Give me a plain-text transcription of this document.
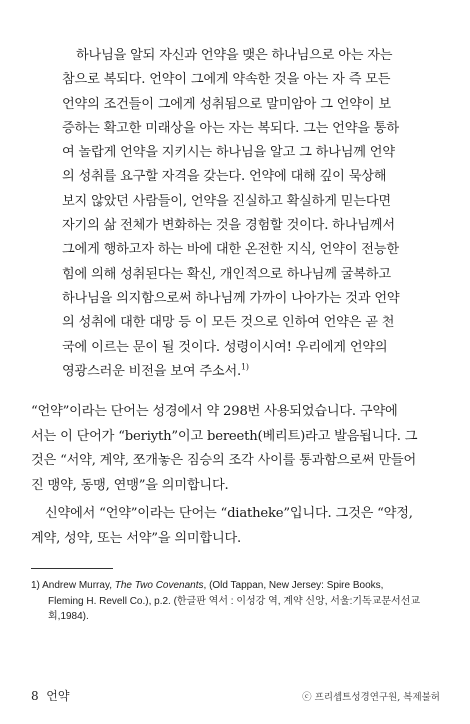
하나님을 알되 자신과 언약을 맺은 하나님으로 아는 자는
참으로 복되다. 언약이 그에게 약속한 것을 아는 자 즉 모든
언약의 조건들이 그에게 성취됨으로 말미암아 그 언약이 보
증하는 확고한 미래상을 아는 자는 복되다. 그는 언약을 통하
여 놀랍게 언약을 지키시는 하나님을 알고 그 하나님께 언약
의 성취를 요구할 자격을 갖는다. 언약에 대해 깊이 묵상해
보지 않았던 사람들이, 언약을 진실하고 확실하게 믿는다면
자기의 삶 전체가 변화하는 것을 경험할 것이다. 하나님께서
그에게 행하고자 하는 바에 대한 온전한 지식, 언약이 전능한
힘에 의해 성취된다는 확신, 개인적으로 하나님께 굴복하고
하나님을 의지함으로써 하나님께 가까이 나아가는 것과 언약
의 성취에 대한 대망 등 이 모든 것으로 인하여 언약은 곧 천
국에 이르는 문이 될 것이다. 성령이시여! 우리에게 언약의
영광스러운 비전을 보여 주소서.$^{1)}$
“언약”이라는 단어는 성경에서 약 298번 사용되었습니다. 구약에
서는 이 단어가 “beriyth”이고 bereeth(베리트)라고 발음됩니다. 그
것은 “서약, 계약, 쪼개놓은 짐승의 조각 사이를 통과함으로써 만들어
진 맹약, 동맹, 연맹”을 의미합니다.
신약에서 “언약”이라는 단어는 “diatheke”입니다. 그것은 “약정,
계약, 성약, 또는 서약”을 의미합니다.
1) Andrew Murray, The Two Covenants, (Old Tappan, New Jersey: Spire Books,
Fleming H. Revell Co.), p.2. (한글판 역서 : 이성강 역, 계약 신앙, 서울:기독교문서선교
회,1984).
8 언약	ⓒ 프리셉트성경연구원, 복제불허
